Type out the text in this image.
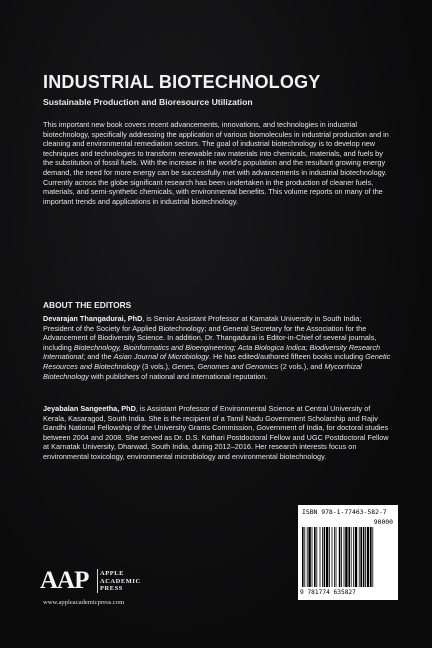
INDUSTRIAL BIOTECHNOLOGY
Sustainable Production and Bioresource Utilization
This important new book covers recent advancements, innovations, and technologies in industrial biotechnology, specifically addressing the application of various biomolecules in industrial production and in cleaning and environmental remediation sectors. The goal of industrial biotechnology is to develop new techniques and technologies to transform renewable raw materials into chemicals, materials, and fuels by the substitution of fossil fuels. With the increase in the world's population and the resultant growing energy demand, the need for more energy can be successfully met with advancements in industrial biotechnology. Currently across the globe significant research has been undertaken in the production of cleaner fuels, materials, and semi-synthetic chemicals, with environmental benefits. This volume reports on many of the important trends and applications in industrial biotechnology.
ABOUT THE EDITORS
Devarajan Thangadurai, PhD, is Senior Assistant Professor at Karnatak University in South India; President of the Society for Applied Biotechnology; and General Secretary for the Association for the Advancement of Biodiversity Science. In addition, Dr. Thangadurai is Editor-in-Chief of several journals, including Biotechnology, Bioinformatics and Bioengineering; Acta Biologica Indica; Biodiversity Research International; and the Asian Journal of Microbiology. He has edited/authored fifteen books including Genetic Resources and Biotechnology (3 vols.), Genes, Genomes and Genomics (2 vols.), and Mycorrhizal Biotechnology with publishers of national and international reputation.
Jeyabalan Sangeetha, PhD, is Assistant Professor of Environmental Science at Central University of Kerala, Kasaragod, South India. She is the recipient of a Tamil Nadu Government Scholarship and Rajiv Gandhi National Fellowship of the University Grants Commission, Government of India, for doctoral studies between 2004 and 2008. She served as Dr. D.S. Kothari Postdoctoral Fellow and UGC Postdoctoral Fellow at Karnatak University, Dharwad, South India, during 2012–2016. Her research interests focus on environmental toxicology, environmental microbiology and environmental biotechnology.
ISBN 978-1-77463-582-7
90000
9 781774 635827
AAP APPLE
ACADEMIC
PRESS
www.appleacademicpress.com
